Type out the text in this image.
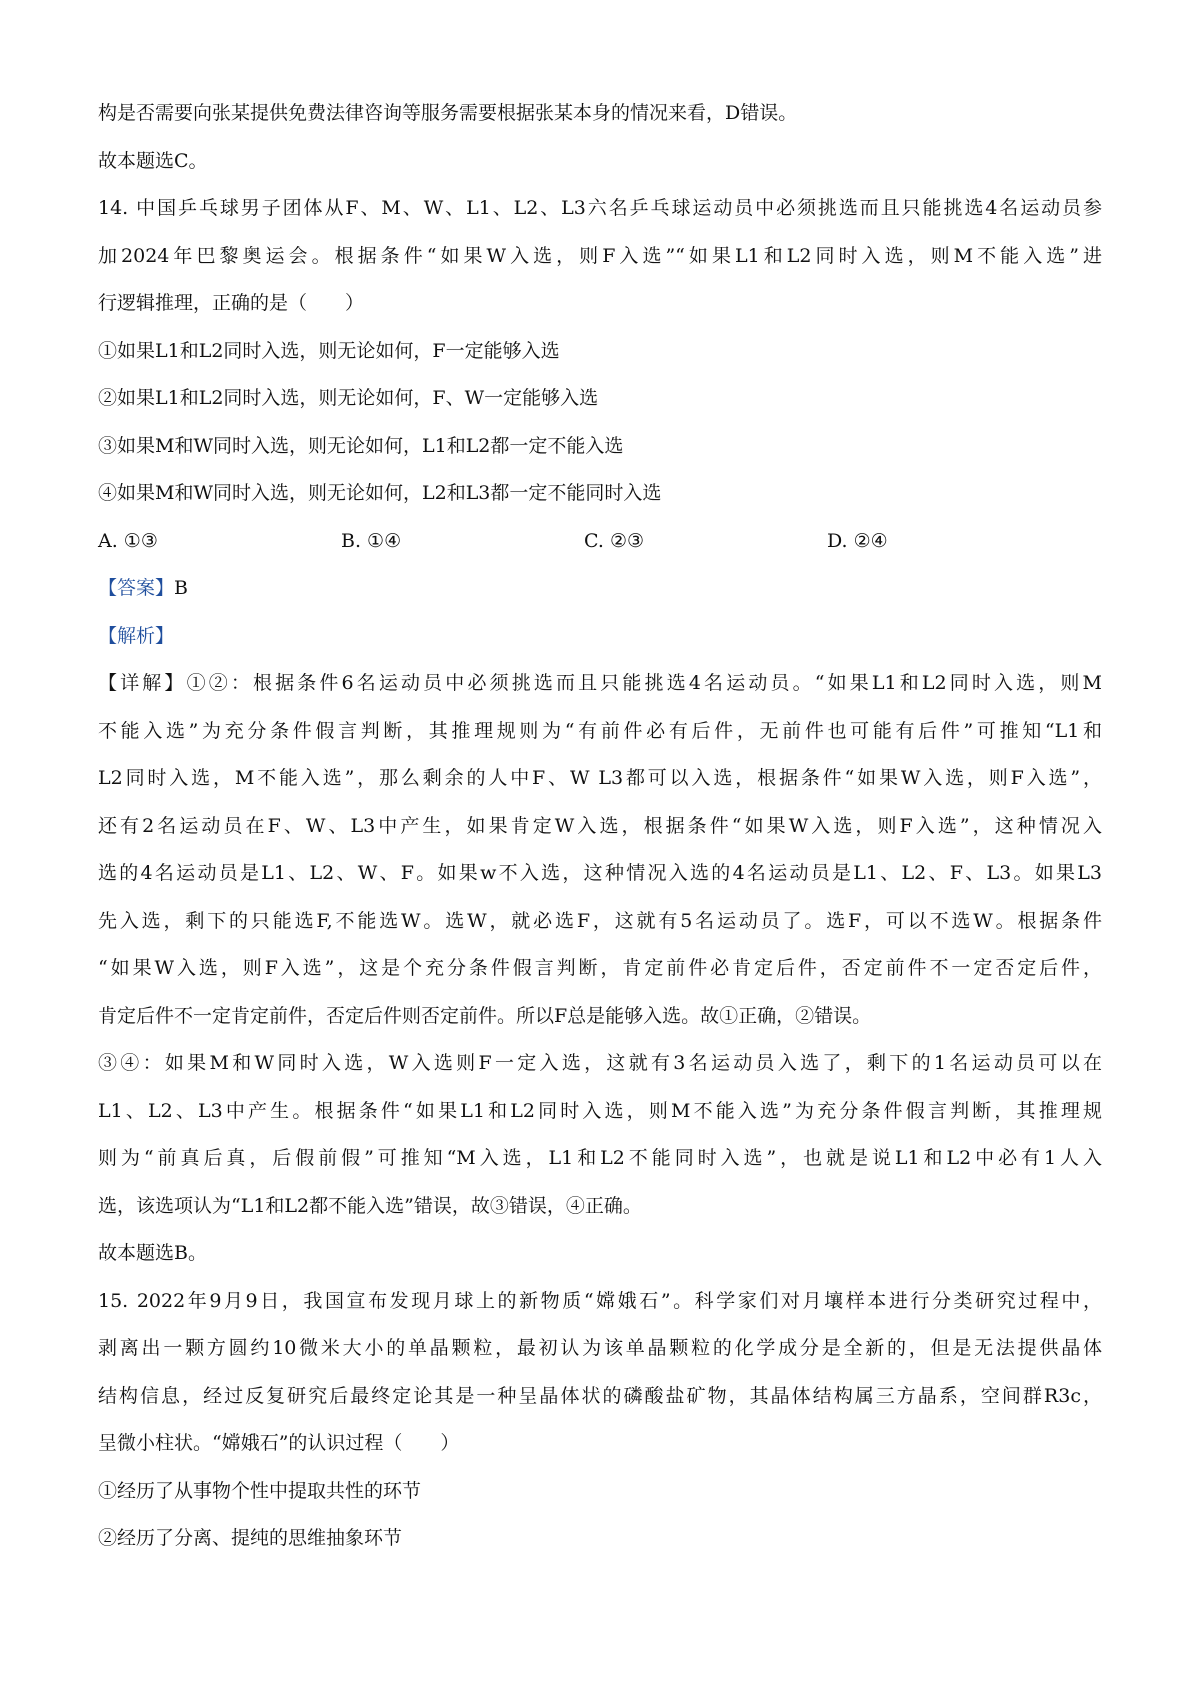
构是否需要向张某提供免费法律咨询等服务需要根据张某本身的情况来看，D错误。
故本题选C。
14. 中国乒乓球男子团体从F、M、W、L1、L2、L3六名乒乓球运动员中必须挑选而且只能挑选4名运动员参
加2024年巴黎奥运会。根据条件“如果W入选，则F入选”“如果L1和L2同时入选，则M不能入选”进
行逻辑推理，正确的是（　　）
①如果L1和L2同时入选，则无论如何，F一定能够入选
②如果L1和L2同时入选，则无论如何，F、W一定能够入选
③如果M和W同时入选，则无论如何，L1和L2都一定不能入选
④如果M和W同时入选，则无论如何，L2和L3都一定不能同时入选
A. ①③	B. ①④	C. ②③	D. ②④
【答案】B
【解析】
【详解】①②：根据条件6名运动员中必须挑选而且只能挑选4名运动员。“如果L1和L2同时入选，则M
不能入选”为充分条件假言判断，其推理规则为“有前件必有后件，无前件也可能有后件”可推知“L1和
L2同时入选，M不能入选”，那么剩余的人中F、W L3都可以入选，根据条件“如果W入选，则F入选”，
还有2名运动员在F、W、L3中产生，如果肯定W入选，根据条件“如果W入选，则F入选”，这种情况入
选的4名运动员是L1、L2、W、F。如果w不入选，这种情况入选的4名运动员是L1、L2、F、L3。如果L3
先入选，剩下的只能选F,不能选W。选W，就必选F，这就有5名运动员了。选F，可以不选W。根据条件
“如果W入选，则F入选”，这是个充分条件假言判断，肯定前件必肯定后件，否定前件不一定否定后件，
肯定后件不一定肯定前件，否定后件则否定前件。所以F总是能够入选。故①正确，②错误。
③④：如果M和W同时入选，W入选则F一定入选，这就有3名运动员入选了，剩下的1名运动员可以在
L1、L2、L3中产生。根据条件“如果L1和L2同时入选，则M不能入选”为充分条件假言判断，其推理规
则为“前真后真，后假前假”可推知“M入选，L1和L2不能同时入选”，也就是说L1和L2中必有1人入
选，该选项认为“L1和L2都不能入选”错误，故③错误，④正确。
故本题选B。
15. 2022年9月9日，我国宣布发现月球上的新物质“嫦娥石”。科学家们对月壤样本进行分类研究过程中，
剥离出一颗方圆约10微米大小的单晶颗粒，最初认为该单晶颗粒的化学成分是全新的，但是无法提供晶体
结构信息，经过反复研究后最终定论其是一种呈晶体状的磷酸盐矿物，其晶体结构属三方晶系，空间群R3c，
呈微小柱状。“嫦娥石”的认识过程（　　）
①经历了从事物个性中提取共性的环节
②经历了分离、提纯的思维抽象环节
